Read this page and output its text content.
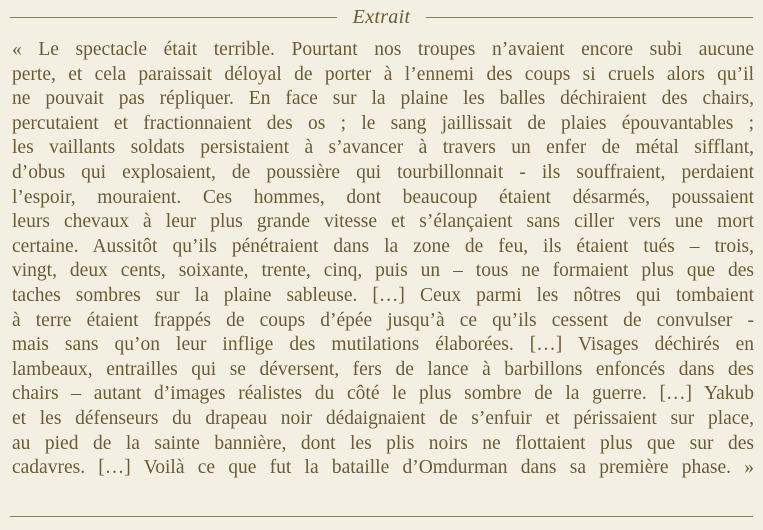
Extrait
« Le spectacle était terrible. Pourtant nos troupes n’avaient encore subi aucune
perte, et cela paraissait déloyal de porter à l’ennemi des coups si cruels alors qu’il
ne pouvait pas répliquer. En face sur la plaine les balles déchiraient des chairs,
percutaient et fractionnaient des os ; le sang jaillissait de plaies épouvantables ;
les vaillants soldats persistaient à s’avancer à travers un enfer de métal sifflant,
d’obus qui explosaient, de poussière qui tourbillonnait - ils souffraient, perdaient
l’espoir, mouraient. Ces hommes, dont beaucoup étaient désarmés, poussaient
leurs chevaux à leur plus grande vitesse et s’élançaient sans ciller vers une mort
certaine. Aussitôt qu’ils pénétraient dans la zone de feu, ils étaient tués – trois,
vingt, deux cents, soixante, trente, cinq, puis un – tous ne formaient plus que des
taches sombres sur la plaine sableuse. […] Ceux parmi les nôtres qui tombaient
à terre étaient frappés de coups d’épée jusqu’à ce qu’ils cessent de convulser -
mais sans qu’on leur inflige des mutilations élaborées. […] Visages déchirés en
lambeaux, entrailles qui se déversent, fers de lance à barbillons enfoncés dans des
chairs – autant d’images réalistes du côté le plus sombre de la guerre. […] Yakub
et les défenseurs du drapeau noir dédaignaient de s’enfuir et périssaient sur place,
au pied de la sainte bannière, dont les plis noirs ne flottaient plus que sur des
cadavres. […] Voilà ce que fut la bataille d’Omdurman dans sa première phase. »
